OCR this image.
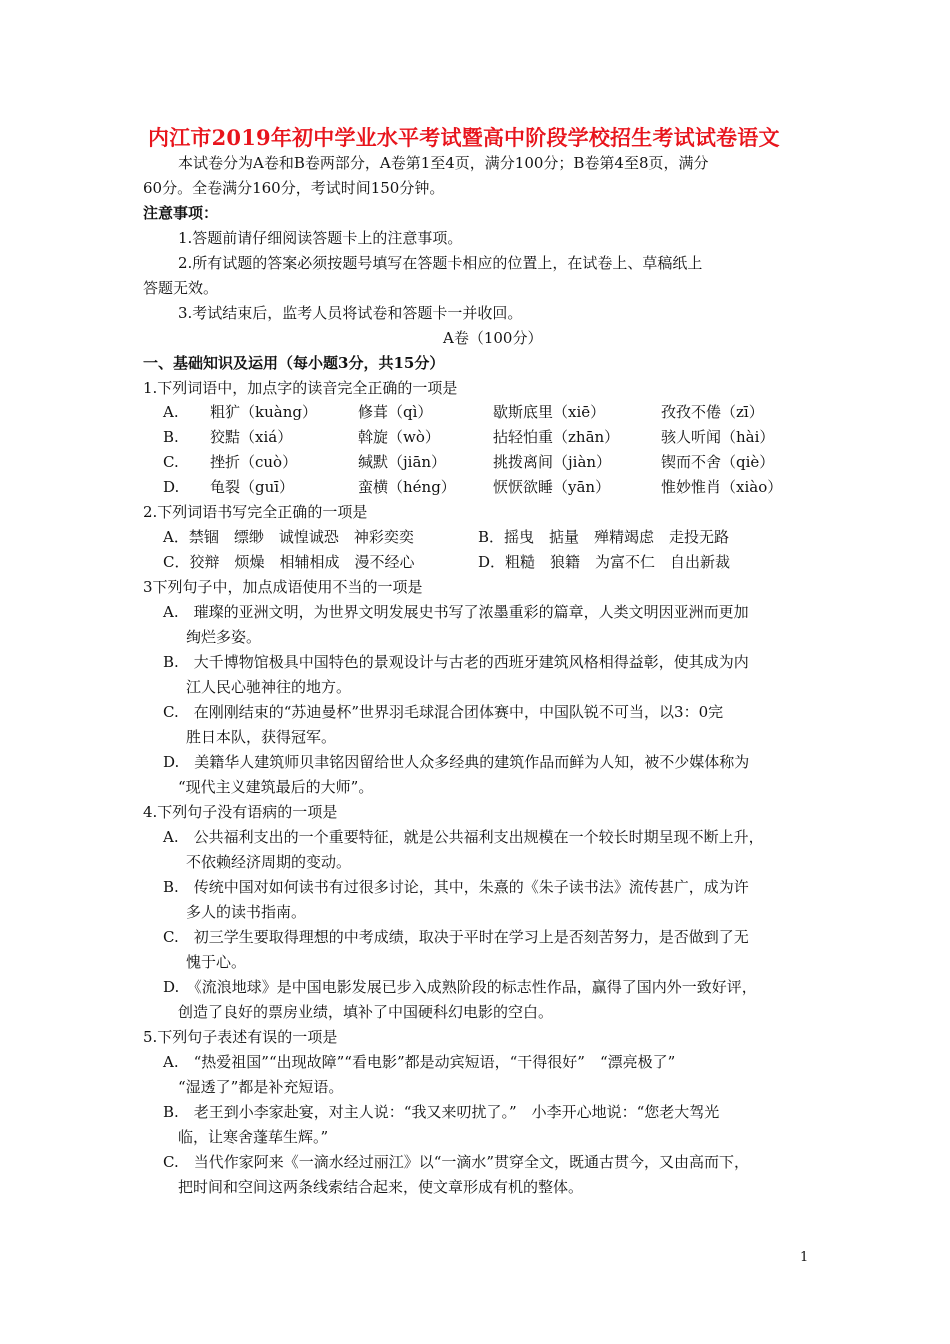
内江市2019年初中学业水平考试暨高中阶段学校招生考试试卷语文
本试卷分为A卷和B卷两部分，A卷第1至4页，满分100分；B卷第4至8页，满分
60分。全卷满分160分，考试时间150分钟。
注意事项：
1.答题前请仔细阅读答题卡上的注意事项。
2.所有试题的答案必须按题号填写在答题卡相应的位置上，在试卷上、草稿纸上
答题无效。
3.考试结束后，监考人员将试卷和答题卡一并收回。
A卷（100分）
一、基础知识及运用（每小题3分，共15分）
1.下列词语中，加点字的读音完全正确的一项是
A. 粗犷（kuàng）	修葺（qì）	歇斯底里（xiē）	孜孜不倦（zī）
B. 狡黠（xiá）	斡旋（wò）	拈轻怕重（zhān）	骇人听闻（hài）
C. 挫折（cuò）	缄默（jiān）	挑拨离间（jiàn）	锲而不舍（qiè）
D. 龟裂（guī）	蛮横（héng） 恹恹欲睡（yān）	惟妙惟肖（xiào）
2.下列词语书写完全正确的一项是
A．禁锢　缥缈　诚惶诚恐　神彩奕奕	B．摇曳　掂量　殚精竭虑　走投无路
C．狡辩　烦燥　相辅相成　漫不经心	D．粗糙　狼籍　为富不仁　自出新裁
3下列句子中，加点成语使用不当的一项是
A.　璀璨的亚洲文明，为世界文明发展史书写了浓墨重彩的篇章，人类文明因亚洲而更加
绚烂多姿。
B.　大千博物馆极具中国特色的景观设计与古老的西班牙建筑风格相得益彰，使其成为内
江人民心驰神往的地方。
C.　在刚刚结束的“苏迪曼杯”世界羽毛球混合团体赛中，中国队锐不可当，以3：0完
胜日本队，获得冠军。
D.　美籍华人建筑师贝聿铭因留给世人众多经典的建筑作品而鲜为人知，被不少媒体称为
“现代主义建筑最后的大师”。
4.下列句子没有语病的一项是
A.　公共福利支出的一个重要特征，就是公共福利支出规模在一个较长时期呈现不断上升，
不依赖经济周期的变动。
B.　传统中国对如何读书有过很多讨论，其中，朱熹的《朱子读书法》流传甚广，成为许
多人的读书指南。
C.　初三学生要取得理想的中考成绩，取决于平时在学习上是否刻苦努力，是否做到了无
愧于心。
D.　《流浪地球》是中国电影发展已步入成熟阶段的标志性作品，赢得了国内外一致好评，
创造了良好的票房业绩，填补了中国硬科幻电影的空白。
5.下列句子表述有误的一项是
A.　“热爱祖国”“出现故障”“看电影”都是动宾短语，“干得很好”　“漂亮极了”
“湿透了”都是补充短语。
B.　老王到小李家赴宴，对主人说：“我又来叨扰了。”　小李开心地说：“您老大驾光
临，让寒舍蓬荜生辉。”
C.　当代作家阿来《一滴水经过丽江》以“一滴水”贯穿全文，既通古贯今，又由高而下，
把时间和空间这两条线索结合起来，使文章形成有机的整体。
1
